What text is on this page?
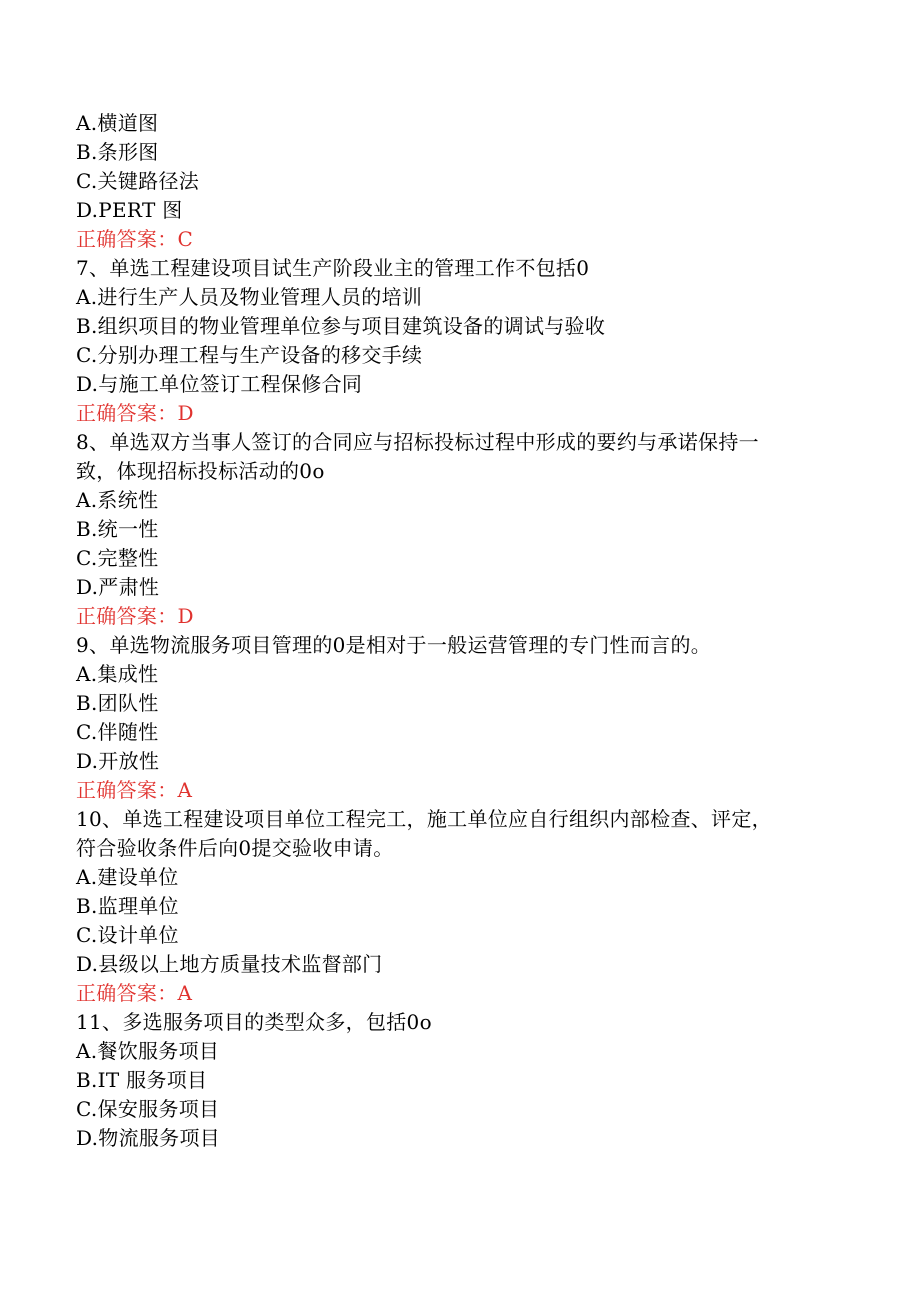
A.横道图
B.条形图
C.关键路径法
D.PERT 图
正确答案：C
7、单选工程建设项目试生产阶段业主的管理工作不包括0
A.进行生产人员及物业管理人员的培训
B.组织项目的物业管理单位参与项目建筑设备的调试与验收
C.分别办理工程与生产设备的移交手续
D.与施工单位签订工程保修合同
正确答案：D
8、单选双方当事人签订的合同应与招标投标过程中形成的要约与承诺保持一
致，体现招标投标活动的0o
A.系统性
B.统一性
C.完整性
D.严肃性
正确答案：D
9、单选物流服务项目管理的0是相对于一般运营管理的专门性而言的。
A.集成性
B.团队性
C.伴随性
D.开放性
正确答案：A
10、单选工程建设项目单位工程完工，施工单位应自行组织内部检查、评定，
符合验收条件后向0提交验收申请。
A.建设单位
B.监理单位
C.设计单位
D.县级以上地方质量技术监督部门
正确答案：A
11、多选服务项目的类型众多，包括0o
A.餐饮服务项目
B.IT 服务项目
C.保安服务项目
D.物流服务项目
